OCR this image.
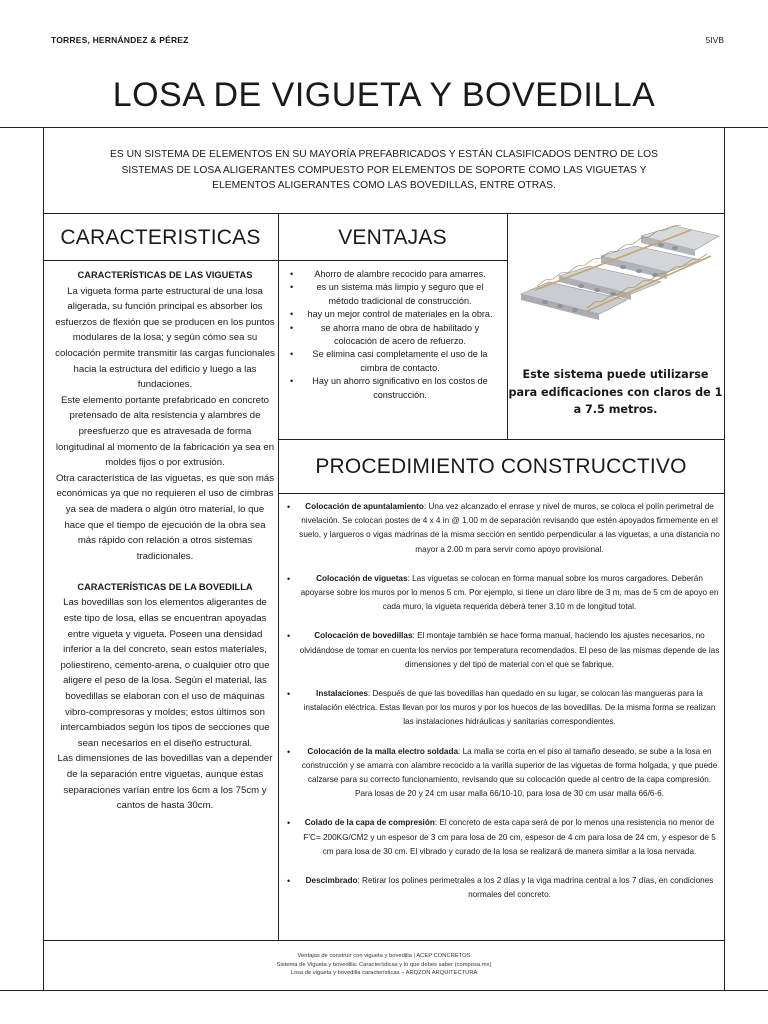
TORRES, HERNÁNDEZ & PÉREZ	5IVB
LOSA DE VIGUETA Y BOVEDILLA

ES UN SISTEMA DE ELEMENTOS EN SU MAYORÍA PREFABRICADOS Y ESTÁN CLASIFICADOS DENTRO DE LOS SISTEMAS DE LOSA ALIGERANTES COMPUESTO POR ELEMENTOS DE SOPORTE COMO LAS VIGUETAS Y ELEMENTOS ALIGERANTES COMO LAS BOVEDILLAS, ENTRE OTRAS.

CARACTERISTICAS	VENTAJAS
PROCEDIMIENTO CONSTRUCCTIVO
CARACTERÍSTICAS DE LAS VIGUETAS
La vigueta forma parte estructural de una losa aligerada, su función principal es absorber los esfuerzos de flexión que se producen en los puntos modulares de la losa; y según cómo sea su colocación permite transmitir las cargas funcionales hacia la estructura del edificio y luego a las fundaciones.
Este elemento portante prefabricado en concreto pretensado de alta resistencia y alambres de preesfuerzo que es atravesada de forma longitudinal al momento de la fabricación ya sea en moldes fijos o por extrusión.
Otra característica de las viguetas, es que son más económicas ya que no requieren el uso de cimbras ya sea de madera o algún otro material, lo que hace que el tiempo de ejecución de la obra sea más rápido con relación a otros sistemas tradicionales.
CARACTERÍSTICAS DE LA BOVEDILLA
Las bovedillas son los elementos aligerantes de este tipo de losa, ellas se encuentran apoyadas entre vigueta y vigueta. Poseen una densidad inferior a la del concreto, sean estos materiales, poliestireno, cemento-arena, o cualquier otro que aligere el peso de la losa. Según el material, las bovedillas se elaboran con el uso de máquinas vibro-compresoras y moldes; estos últimos son intercambiados según los tipos de secciones que sean necesarios en el diseño estructural.
Las dimensiones de las bovedillas van a depender de la separación entre viguetas, aunque estas separaciones varían entre los 6cm a los 75cm y cantos de hasta 30cm.
• Ahorro de alambre recocido para amarres.
•	es un sistema más limpio y seguro que el método tradicional de construcción.
• hay un mejor control de materiales en la obra.
•	se ahorra mano de obra de habilitado y colocación de acero de refuerzo.
• Se elimina casi completamente el uso de la cimbra de contacto.
• Hay un ahorro significativo en los costos de construcción.

Este sistema puede utilizarse para edificaciones con claros de 1 a 7.5 metros.

• Colocación de apuntalamiento: Una vez alcanzado el enrase y nivel de muros, se coloca el polín perimetral de nivelación. Se colocan postes de 4 x 4 in @ 1.00 m de separación revisando que estén apoyados firmemente en el suelo, y largueros o vigas madrinas de la misma sección en sentido perpendicular a las viguetas, a una distancia no mayor a 2.00 m para servir como apoyo provisional.
•	Colocación de viguetas: Las viguetas se colocan en forma manual sobre los muros cargadores. Deberán apoyarse sobre los muros por lo menos 5 cm. Por ejemplo, si tiene un claro libre de 3 m, mas de 5 cm de apoyo en cada muro, la vigueta requerida deberá tener 3.10 m de longitud total.
•	Colocación de bovedillas: El montaje también se hace forma manual, haciendo los ajustes necesarios, no olvidándose de tomar en cuenta los nervios por temperatura recomendados. El peso de las mismas depende de las dimensiones y del tipo de material con el que se fabrique.
•	Instalaciones: Después de que las bovedillas han quedado en su lugar, se colocan las mangueras para la instalación eléctrica. Estas llevan por los muros y por los huecos de las bovedillas. De la misma forma se realizan las instalaciones hidráulicas y sanitarias correspondientes.
• Colocación de la malla electro soldada: La malla se corta en el piso al tamaño deseado, se sube a la losa en construcción y se amarra con alambre recocido a la varilla superior de las viguetas de forma holgada, y que puede calzarse para su correcto funcionamiento, revisando que su colocación quede al centro de la capa compresión. Para losas de 20 y 24 cm usar malla 66/10-10, para losa de 30 cm usar malla 66/6-6.
• Colado de la capa de compresión: El concreto de esta capa será de por lo menos una resistencia no menor de F’C= 200KG/CM2 y un espesor de 3 cm para losa de 20 cm, espesor de 4 cm para losa de 24 cm, y espesor de 5 cm para losa de 30 cm. El vibrado y curado de la losa se realizará de manera similar a la losa nervada.
• Descimbrado: Retirar los polines perimetrales a los 2 días y la viga madrina central a los 7 días, en condiciones normales del concreto.
Ventajas de construir con vigueta y bovedilla | ACEP CONCRETOS
Sistema de Vigueta y bovedilla: Características y lo que debes saber (composa.mx)
Losa de vigueta y bovedilla características – ARQZON ARQUITECTURA
